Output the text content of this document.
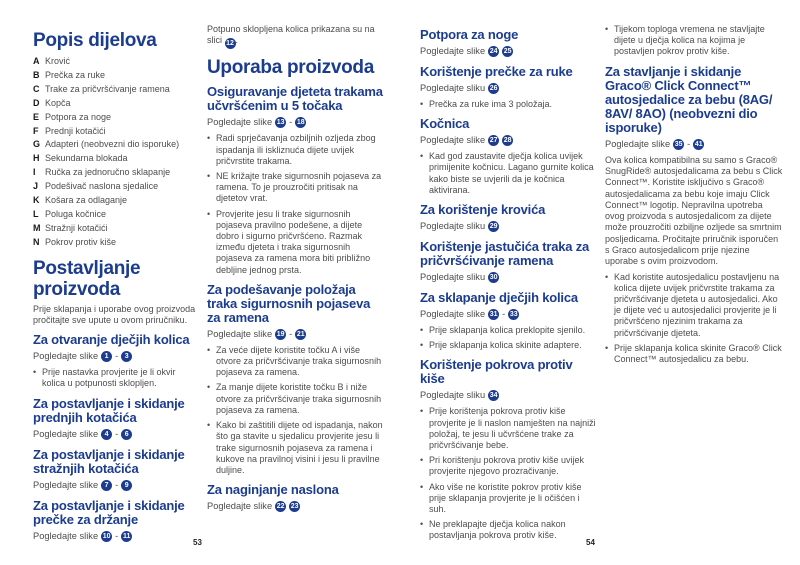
Popis dijelova
A Krović
B Prečka za ruke
C Trake za pričvršćivanje ramena
D Kopča
E Potpora za noge
F Prednji kotačići
G Adapteri (neobvezni dio isporuke)
H Sekundarna blokada
I	Ručka za jednoručno sklapanje
J Podešivač naslona sjedalice
K Košara za odlaganje
L Poluga kočnice
M Stražnji kotačići
N Pokrov protiv kiše
Postavljanje proizvoda
Prije sklapanja i uporabe ovog proizvoda pročitajte sve upute u ovom priručniku.
Za otvaranje dječjih kolica
Pogledajte slike 1 - 3
• Prije nastavka provjerite je li okvir kolica u potpunosti sklopljen.
Za postavljanje i skidanje prednjih kotačića
Pogledajte slike 4 - 6
Za postavljanje i skidanje stražnjih kotačića
Pogledajte slike 7 - 9
Za postavljanje i skidanje prečke za držanje
Pogledajte slike 10 - 11
Potpuno sklopljena kolica prikazana su na slici 12 .
Uporaba proizvoda
Osiguravanje djeteta trakama učvršćenim u 5 točaka
Pogledajte slike 13 - 18
• Radi sprječavanja ozbiljnih ozljeda zbog ispadanja ili iskliznuća dijete uvijek pričvrstite trakama.
• NE križajte trake sigurnosnih pojaseva za ramena. To je prouzročiti pritisak na djetetov vrat.
• Provjerite jesu li trake sigurnosnih pojaseva pravilno podešene, a dijete dobro i sigurno pričvršćeno. Razmak između djeteta i traka sigurnosnih pojaseva za ramena mora biti približno debljine jednog prsta.
Za podešavanje položaja traka sigurnosnih pojaseva za ramena
Pogledajte slike 19 - 21
• Za veće dijete koristite točku A i više otvore za pričvršćivanje traka sigurnosnih pojaseva za ramena.
• Za manje dijete koristite točku B i niže otvore za pričvršćivanje traka sigurnosnih pojaseva za ramena.
• Kako bi zaštitili dijete od ispadanja, nakon što ga stavite u sjedalicu provjerite jesu li trake sigurnosnih pojaseva za ramena i kukove na pravilnoj visini i jesu li pravilne duljine.
Za naginjanje naslona
Pogledajte slike 22 23
53
Potpora za noge
Pogledajte slike 24 25
Korištenje prečke za ruke
Pogledajte sliku 26
• Prečka za ruke ima 3 položaja.
Kočnica
Pogledajte slike 27 28
• Kad god zaustavite dječja kolica uvijek primijenite kočnicu. Lagano gurnite kolica kako biste se uvjerili da je kočnica aktivirana.
Za korištenje krovića
Pogledajte sliku 29
Korištenje jastučića traka za pričvršćivanje ramena
Pogledajte sliku 30
Za sklapanje dječjih kolica
Pogledajte slike 31 - 33
• Prije sklapanja kolica preklopite sjenilo.
• Prije sklapanja kolica skinite adaptere.
Korištenje pokrova protiv kiše
Pogledajte sliku 34
• Prije korištenja pokrova protiv kiše provjerite je li naslon namješten na najniži položaj, te jesu li učvršćene trake za pričvršćivanje bebe.
• Pri korištenju pokrova protiv kiše uvijek provjerite njegovo prozračivanje.
• Ako više ne koristite pokrov protiv kiše prije sklapanja provjerite je li očišćen i suh.
• Ne preklapajte dječja kolica nakon postavljanja pokrova protiv kiše.
• Tijekom toploga vremena ne stavljajte dijete u dječja kolica na kojima je postavljen pokrov protiv kiše.
Za stavljanje i skidanje Graco® Click Connect™ autosjedalice za bebu (8AG/ 8AV/ 8AO) (neobvezni dio isporuke)
Pogledajte slike 35 - 41
Ova kolica kompatibilna su samo s Graco® SnugRide® autosjedalicama za bebu s Click Connect™. Koristite isključivo s Graco® autosjedalicama za bebu koje imaju Click Connect™ logotip. Nepravilna upotreba ovog proizvoda s autosjedalicom za dijete može prouzročiti ozbiljne ozljede sa smrtnim posljedicama. Pročitajte priručnik isporučen s Graco autosjedalicom prije njezine uporabe s ovim proizvodom.
• Kad koristite autosjedalicu postavljenu na kolica dijete uvijek pričvrstite trakama za pričvršćivanje djeteta u autosjedalici. Ako je dijete već u autosjedalici provjerite je li pričvršćeno njezinim trakama za pričvršćivanje djeteta.
• Prije sklapanja kolica skinite Graco® Click Connect™ autosjedalicu za bebu.
54
